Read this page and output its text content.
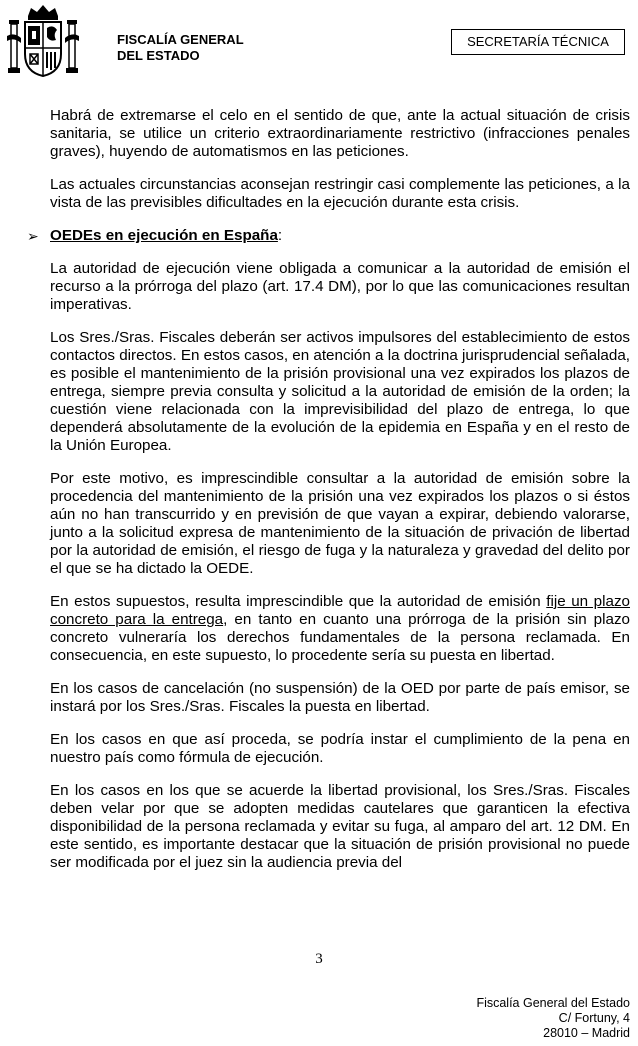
FISCALÍA GENERAL
DEL ESTADO
SECRETARÍA TÉCNICA

Habrá de extremarse el celo en el sentido de que, ante la actual situación de crisis sanitaria, se utilice un criterio extraordinariamente restrictivo (infracciones penales graves), huyendo de automatismos en las peticiones.

Las actuales circunstancias aconsejan restringir casi complemente las peticiones, a la vista de las previsibles dificultades en la ejecución durante esta crisis.

➢ OEDEs en ejecución en España:

La autoridad de ejecución viene obligada a comunicar a la autoridad de emisión el recurso a la prórroga del plazo (art. 17.4 DM), por lo que las comunicaciones resultan imperativas.

Los Sres./Sras. Fiscales deberán ser activos impulsores del establecimiento de estos contactos directos. En estos casos, en atención a la doctrina jurisprudencial señalada, es posible el mantenimiento de la prisión provisional una vez expirados los plazos de entrega, siempre previa consulta y solicitud a la autoridad de emisión de la orden; la cuestión viene relacionada con la imprevisibilidad del plazo de entrega, lo que dependerá absolutamente de la evolución de la epidemia en España y en el resto de la Unión Europea.

Por este motivo, es imprescindible consultar a la autoridad de emisión sobre la procedencia del mantenimiento de la prisión una vez expirados los plazos o si éstos aún no han transcurrido y en previsión de que vayan a expirar, debiendo valorarse, junto a la solicitud expresa de mantenimiento de la situación de privación de libertad por la autoridad de emisión, el riesgo de fuga y la naturaleza y gravedad del delito por el que se ha dictado la OEDE.

En estos supuestos, resulta imprescindible que la autoridad de emisión fije un plazo concreto para la entrega, en tanto en cuanto una prórroga de la prisión sin plazo concreto vulneraría los derechos fundamentales de la persona reclamada. En consecuencia, en este supuesto, lo procedente sería su puesta en libertad.

En los casos de cancelación (no suspensión) de la OED por parte de país emisor, se instará por los Sres./Sras. Fiscales la puesta en libertad.

En los casos en que así proceda, se podría instar el cumplimiento de la pena en nuestro país como fórmula de ejecución.

En los casos en los que se acuerde la libertad provisional, los Sres./Sras. Fiscales deben velar por que se adopten medidas cautelares que garanticen la efectiva disponibilidad de la persona reclamada y evitar su fuga, al amparo del art. 12 DM. En este sentido, es importante destacar que la situación de prisión provisional no puede ser modificada por el juez sin la audiencia previa del

3
Fiscalía General del Estado
C/ Fortuny, 4
28010 – Madrid
